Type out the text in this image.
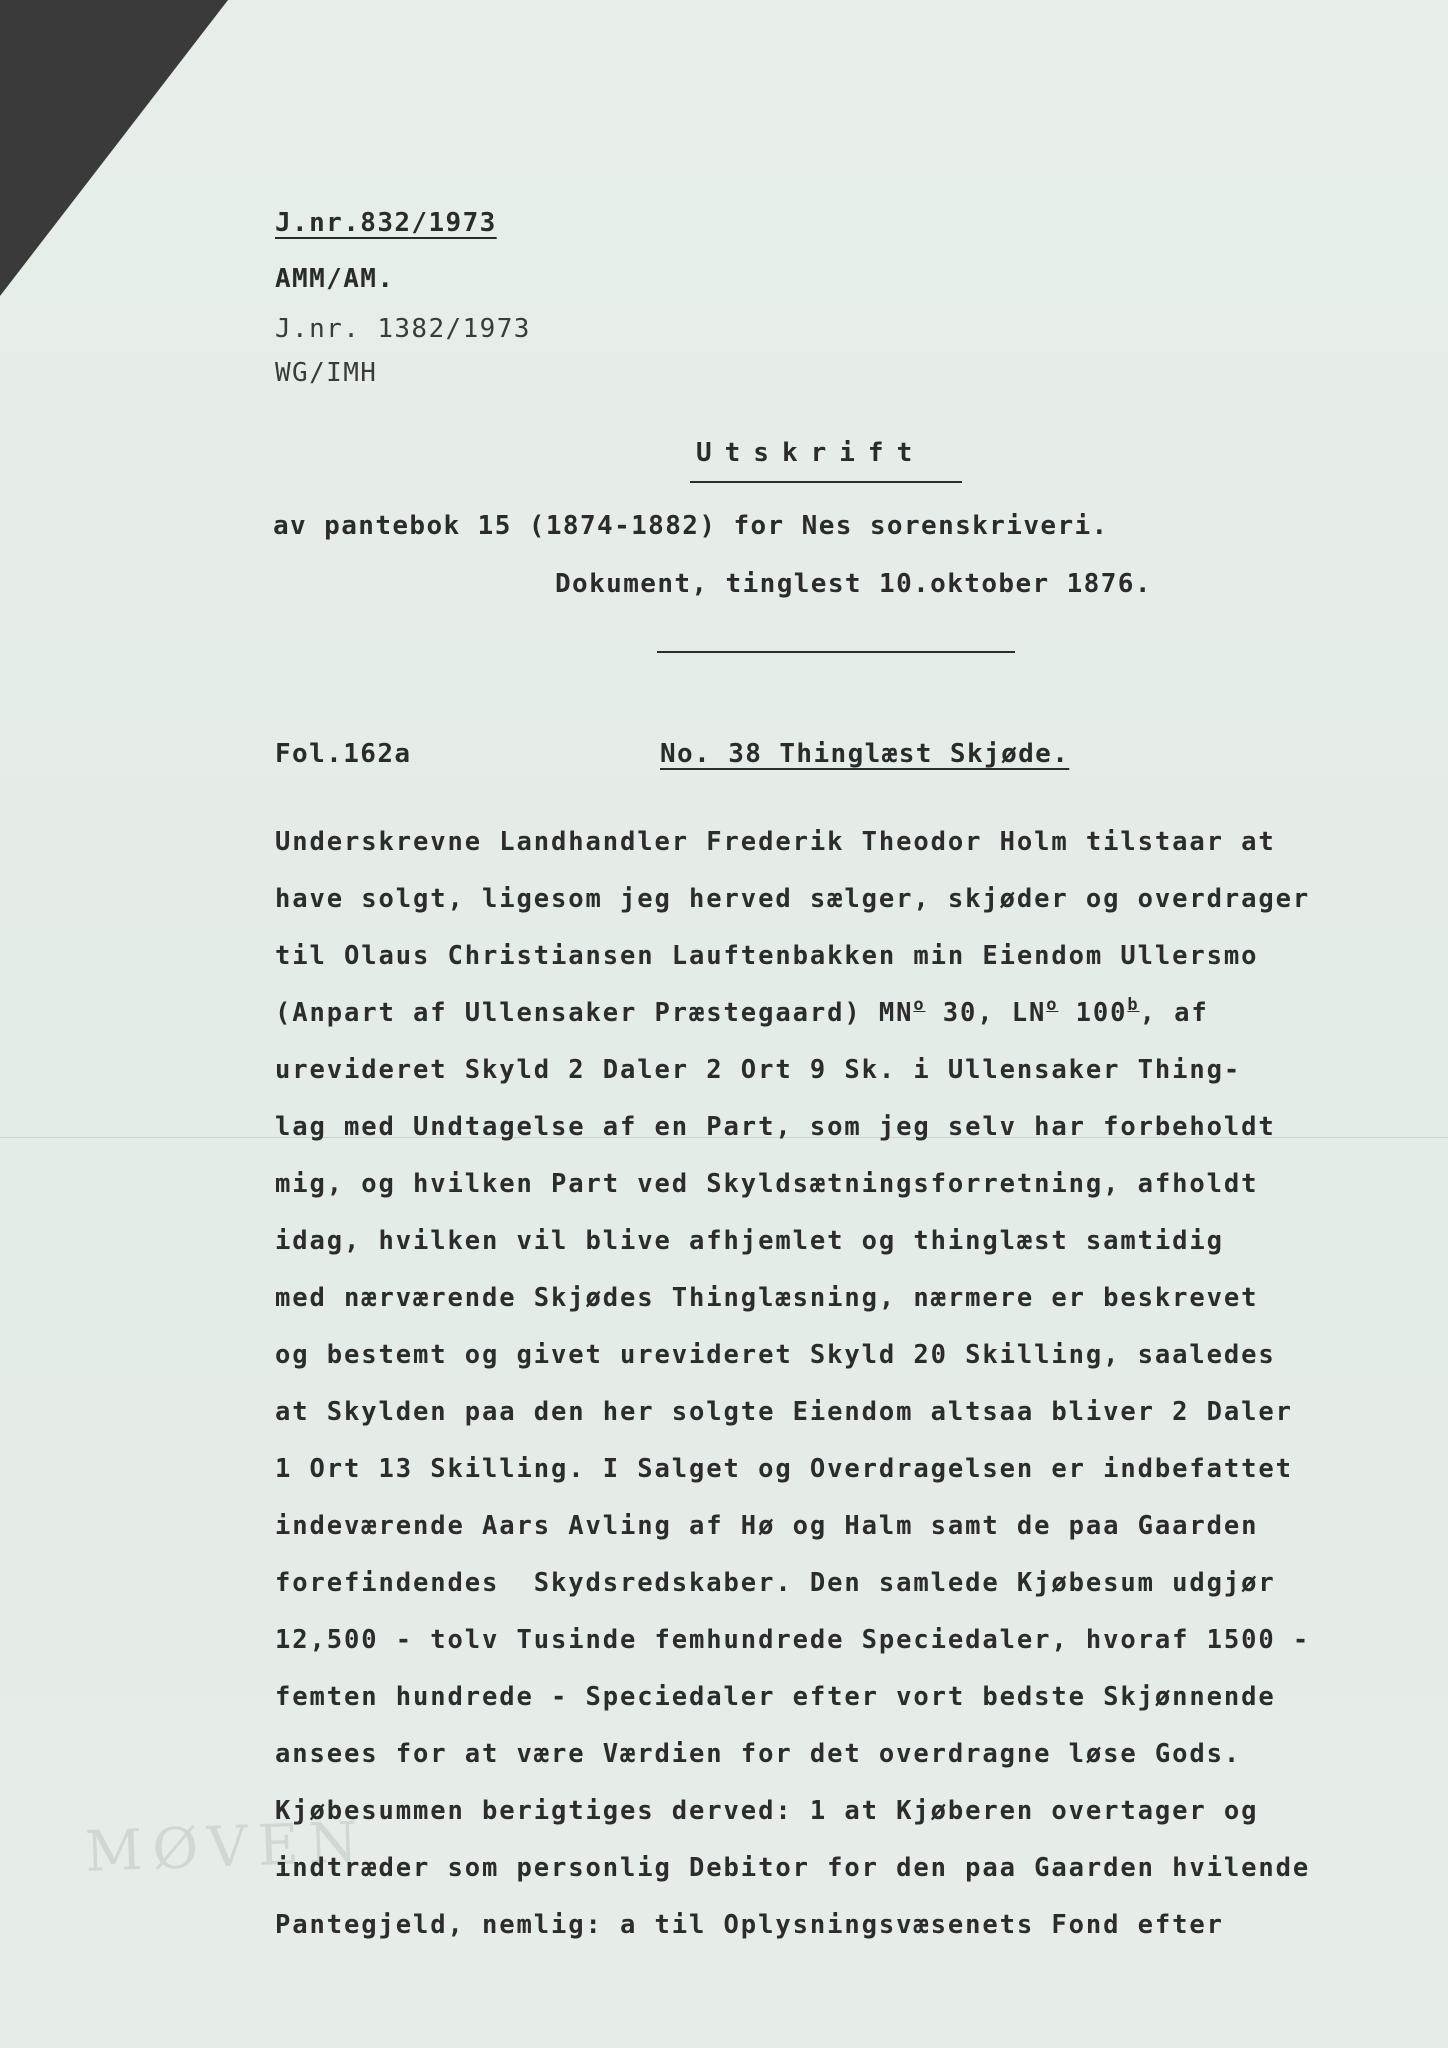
MØVEN
J.nr.832/1973
AMM/AM.
J.nr. 1382/1973
WG/IMH
Utskrift
av pantebok 15 (1874-1882) for Nes sorenskriveri.
Dokument, tinglest 10.oktober 1876.
Fol.162a	No. 38 Thinglæst Skjøde.
Underskrevne Landhandler Frederik Theodor Holm tilstaar at
have solgt, ligesom jeg herved sælger, skjøder og overdrager
til Olaus Christiansen Lauftenbakken min Eiendom Ullersmo
(Anpart af Ullensaker Præstegaard) $MN^o$ 30, $LN^o$ 100$^b$, af
urevideret Skyld 2 Daler 2 Ort 9 Sk. i Ullensaker Thing-
lag med Undtagelse af en Part, som jeg selv har forbeholdt
mig, og hvilken Part ved Skyldsætningsforretning, afholdt
idag, hvilken vil blive afhjemlet og thinglæst samtidig
med nærværende Skjødes Thinglæsning, nærmere er beskrevet
og bestemt og givet urevideret Skyld 20 Skilling, saaledes
at Skylden paa den her solgte Eiendom altsaa bliver 2 Daler
1 Ort 13 Skilling. I Salget og Overdragelsen er indbefattet
indeværende Aars Avling af Hø og Halm samt de paa Gaarden
forefindendes  Skydsredskaber. Den samlede Kjøbesum udgjør
12,500 - tolv Tusinde femhundrede Speciedaler, hvoraf 1500 -
femten hundrede - Speciedaler efter vort bedste Skjønnende
ansees for at være Værdien for det overdragne løse Gods.
Kjøbesummen berigtiges derved: 1 at Kjøberen overtager og
indtræder som personlig Debitor for den paa Gaarden hvilende
Pantegjeld, nemlig: a til Oplysningsvæsenets Fond efter
